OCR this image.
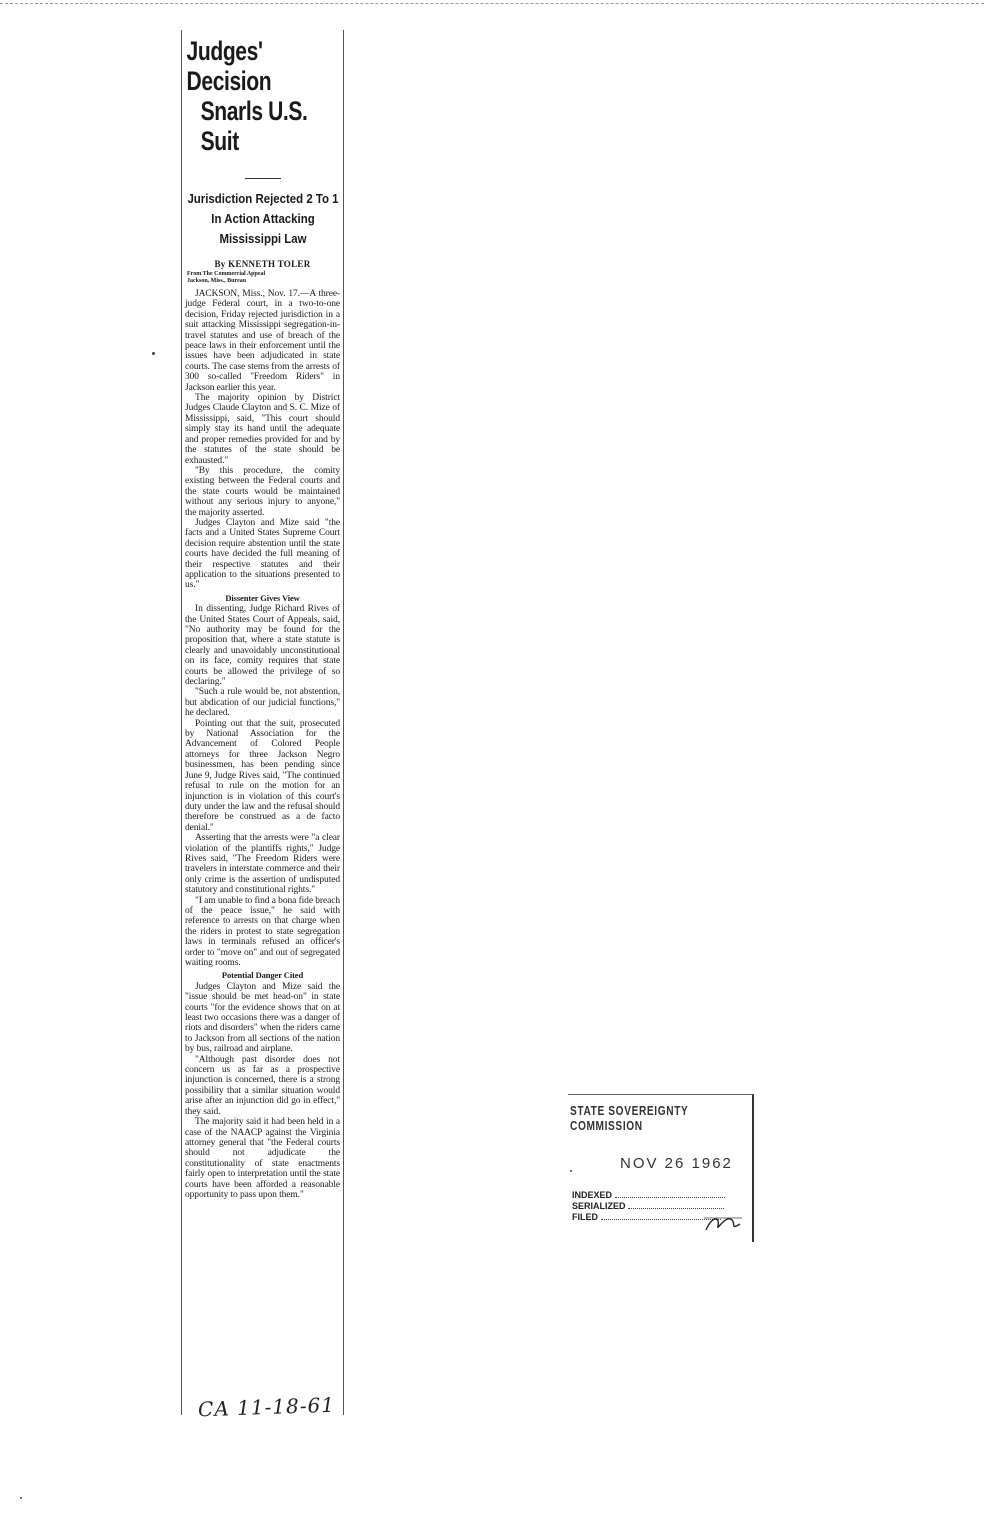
Judges' Decision
Snarls U.S. Suit
Jurisdiction Rejected 2 To 1
In Action Attacking
Mississippi Law
By KENNETH TOLER
From The Commercial Appeal
Jackson, Miss., Bureau

JACKSON, Miss., Nov. 17.—A three-judge Federal court, in a two-to-one decision, Friday rejected jurisdiction in a suit attacking Mississippi segregation-in-travel statutes and use of breach of the peace laws in their enforcement until the issues have been adjudicated in state courts. The case stems from the arrests of 300 so-called "Freedom Riders" in Jackson earlier this year.

The majority opinion by District Judges Claude Clayton and S. C. Mize of Mississippi, said, "This court should simply stay its hand until the adequate and proper remedies provided for and by the statutes of the state should be exhausted."

"By this procedure, the comity existing between the Federal courts and the state courts would be maintained without any serious injury to anyone," the majority asserted.

Judges Clayton and Mize said "the facts and a United States Supreme Court decision require abstention until the state courts have decided the full meaning of their respective statutes and their application to the situations presented to us."

Dissenter Gives View

In dissenting, Judge Richard Rives of the United States Court of Appeals, said, "No authority may be found for the proposition that, where a state statute is clearly and unavoidably unconstitutional on its face, comity requires that state courts be allowed the privilege of so declaring."

"Such a rule would be, not abstention, but abdication of our judicial functions," he declared.

Pointing out that the suit, prosecuted by National Association for the Advancement of Colored People attorneys for three Jackson Negro businessmen, has been pending since June 9, Judge Rives said, "The continued refusal to rule on the motion for an injunction is in violation of this court's duty under the law and the refusal should therefore be construed as a de facto denial."

Asserting that the arrests were "a clear violation of the plantiffs rights," Judge Rives said, "The Freedom Riders were travelers in interstate commerce and their only crime is the assertion of undisputed statutory and constitutional rights."

"I am unable to find a bona fide breach of the peace issue," he said with reference to arrests on that charge when the riders in protest to state segregation laws in terminals refused an officer's order to "move on" and out of segregated waiting rooms.

Potential Danger Cited

Judges Clayton and Mize said the "issue should be met head-on" in state courts "for the evidence shows that on at least two occasions there was a danger of riots and disorders" when the riders came to Jackson from all sections of the nation by bus, railroad and airplane.

"Although past disorder does not concern us as far as a prospective injunction is concerned, there is a strong possibility that a similar situation would arise after an injunction did go in effect," they said.

The majority said it had been held in a case of the NAACP against the Virginia attorney general that "the Federal courts should not adjudicate the constitutionality of state enactments fairly open to interpretation until the state courts have been afforded a reasonable opportunity to pass upon them."

CA 11-18-61
STATE SOVEREIGNTY COMMISSION
NOV 26 1962
INDEXED
SERIALIZED
FILED
